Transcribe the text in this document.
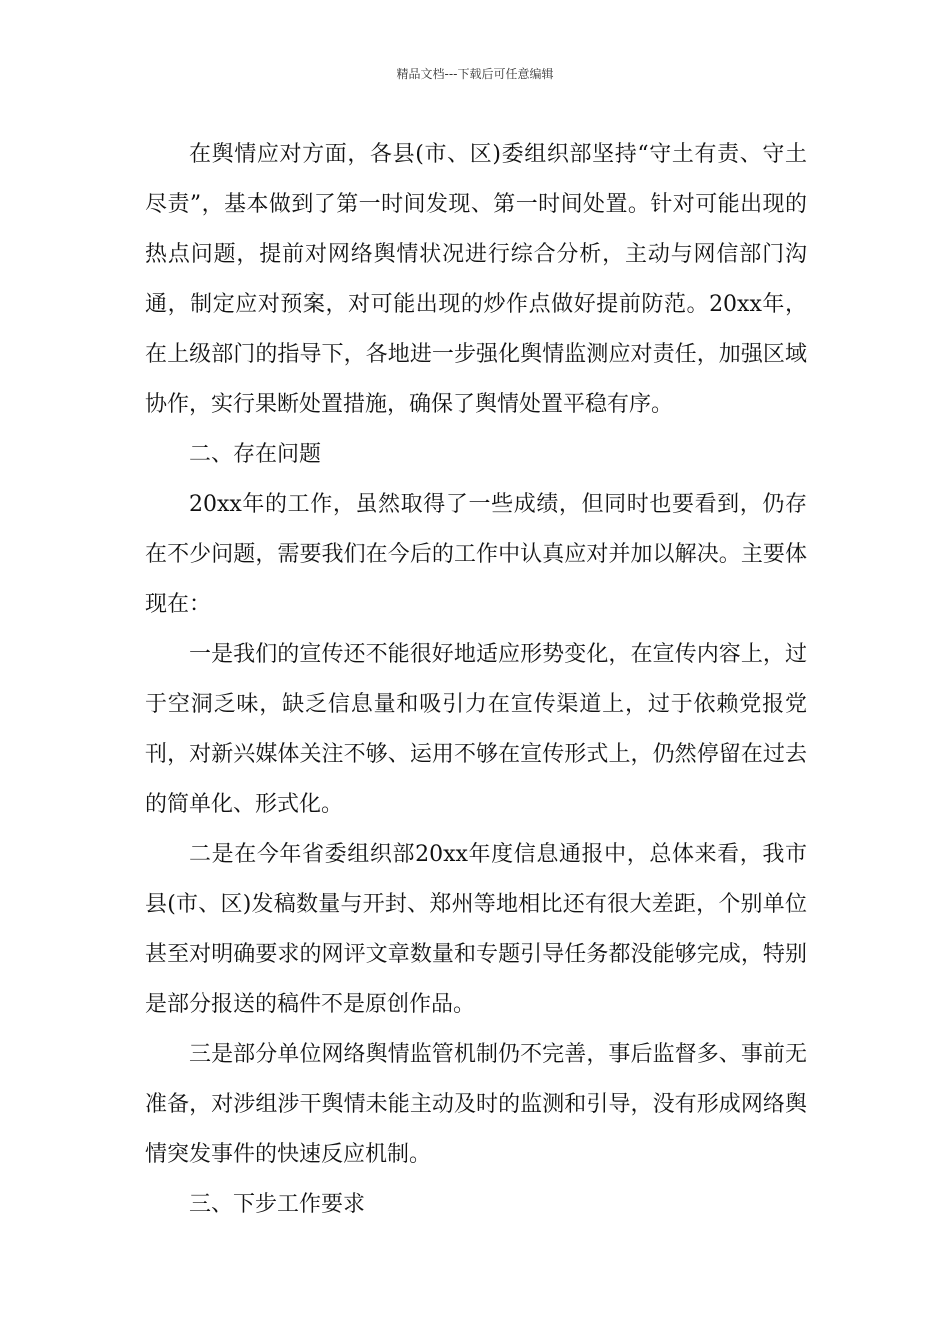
精品文档---下载后可任意编辑

在舆情应对方面，各县(市、区)委组织部坚持“守土有责、守土尽责”，基本做到了第一时间发现、第一时间处置。针对可能出现的热点问题，提前对网络舆情状况进行综合分析，主动与网信部门沟通，制定应对预案，对可能出现的炒作点做好提前防范。20xx年，在上级部门的指导下，各地进一步强化舆情监测应对责任，加强区域协作，实行果断处置措施，确保了舆情处置平稳有序。

二、存在问题

20xx年的工作，虽然取得了一些成绩，但同时也要看到，仍存在不少问题，需要我们在今后的工作中认真应对并加以解决。主要体现在：

一是我们的宣传还不能很好地适应形势变化，在宣传内容上，过于空洞乏味，缺乏信息量和吸引力在宣传渠道上，过于依赖党报党刊，对新兴媒体关注不够、运用不够在宣传形式上，仍然停留在过去的简单化、形式化。

二是在今年省委组织部20xx年度信息通报中，总体来看，我市县(市、区)发稿数量与开封、郑州等地相比还有很大差距，个别单位甚至对明确要求的网评文章数量和专题引导任务都没能够完成，特别是部分报送的稿件不是原创作品。

三是部分单位网络舆情监管机制仍不完善，事后监督多、事前无准备，对涉组涉干舆情未能主动及时的监测和引导，没有形成网络舆情突发事件的快速反应机制。

三、下步工作要求
